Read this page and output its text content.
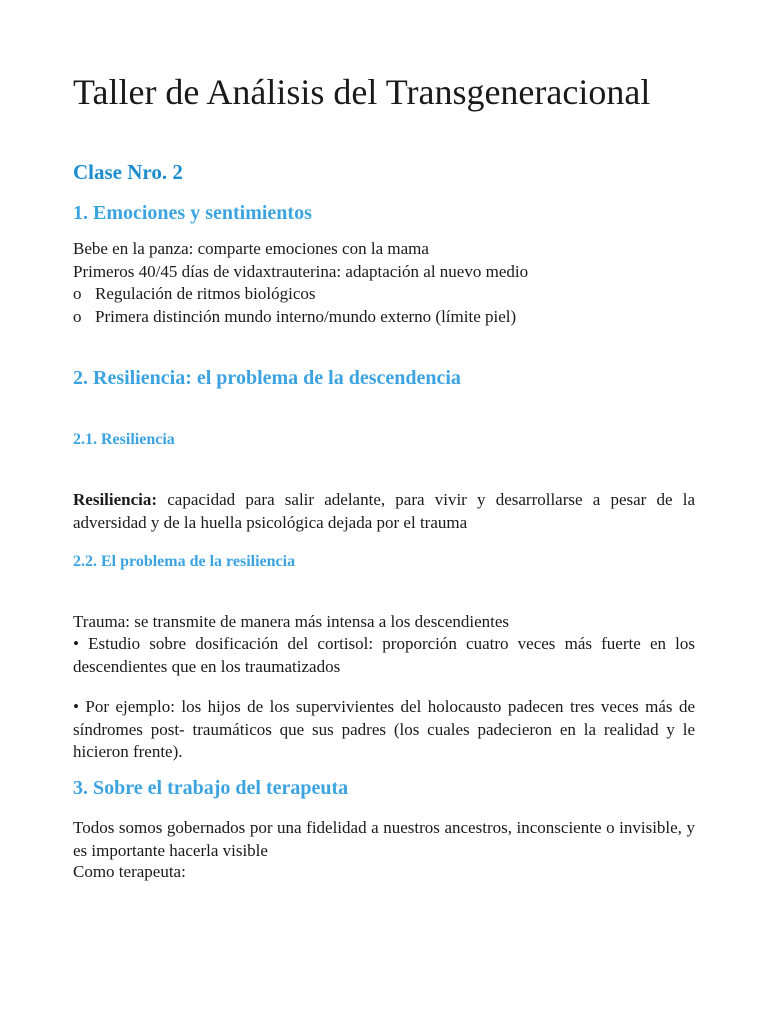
Taller de Análisis del Transgeneracional
Clase Nro. 2
1. Emociones y sentimientos

Bebe en la panza: comparte emociones con la mama

Primeros 40/45 días de vidaxtrauterina: adaptación al nuevo medio

o Regulación de ritmos biológicos

o Primera distinción mundo interno/mundo externo (límite piel)

2. Resiliencia: el problema de la descendencia
2.1. Resiliencia

Resiliencia: capacidad para salir adelante, para vivir y desarrollarse a pesar de la adversidad y de la huella psicológica dejada por el trauma

2.2. El problema de la resiliencia

Trauma: se transmite de manera más intensa a los descendientes

• Estudio sobre dosificación del cortisol: proporción cuatro veces más fuerte en los descendientes que en los traumatizados

• Por ejemplo: los hijos de los supervivientes del holocausto padecen tres veces más de síndromes post- traumáticos que sus padres (los cuales padecieron en la realidad y le hicieron frente).

3. Sobre el trabajo del terapeuta

Todos somos gobernados por una fidelidad a nuestros ancestros, inconsciente o invisible, y es importante hacerla visible

Como terapeuta:
